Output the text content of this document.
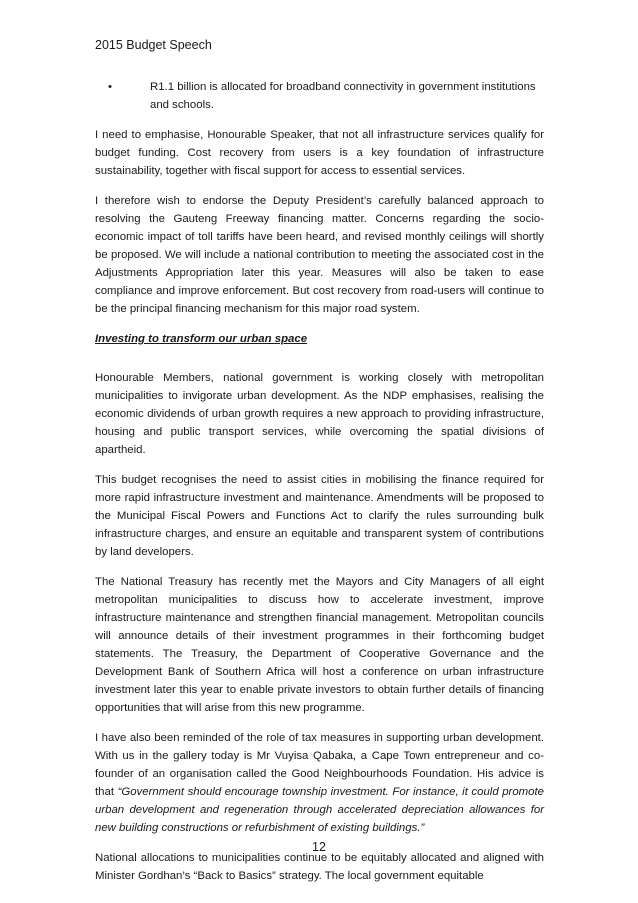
2015 Budget Speech
•	R1.1 billion is allocated for broadband connectivity in government institutions and schools.

I need to emphasise, Honourable Speaker, that not all infrastructure services qualify for budget funding. Cost recovery from users is a key foundation of infrastructure sustainability, together with fiscal support for access to essential services.

I therefore wish to endorse the Deputy President’s carefully balanced approach to resolving the Gauteng Freeway financing matter. Concerns regarding the socio-economic impact of toll tariffs have been heard, and revised monthly ceilings will shortly be proposed. We will include a national contribution to meeting the associated cost in the Adjustments Appropriation later this year. Measures will also be taken to ease compliance and improve enforcement. But cost recovery from road-users will continue to be the principal financing mechanism for this major road system.

Investing to transform our urban space

Honourable Members, national government is working closely with metropolitan municipalities to invigorate urban development. As the NDP emphasises, realising the economic dividends of urban growth requires a new approach to providing infrastructure, housing and public transport services, while overcoming the spatial divisions of apartheid.

This budget recognises the need to assist cities in mobilising the finance required for more rapid infrastructure investment and maintenance. Amendments will be proposed to the Municipal Fiscal Powers and Functions Act to clarify the rules surrounding bulk infrastructure charges, and ensure an equitable and transparent system of contributions by land developers.

The National Treasury has recently met the Mayors and City Managers of all eight metropolitan municipalities to discuss how to accelerate investment, improve infrastructure maintenance and strengthen financial management. Metropolitan councils will announce details of their investment programmes in their forthcoming budget statements. The Treasury, the Department of Cooperative Governance and the Development Bank of Southern Africa will host a conference on urban infrastructure investment later this year to enable private investors to obtain further details of financing opportunities that will arise from this new programme.

I have also been reminded of the role of tax measures in supporting urban development. With us in the gallery today is Mr Vuyisa Qabaka, a Cape Town entrepreneur and co-founder of an organisation called the Good Neighbourhoods Foundation. His advice is that “Government should encourage township investment. For instance, it could promote urban development and regeneration through accelerated depreciation allowances for new building constructions or refurbishment of existing buildings.”

National allocations to municipalities continue to be equitably allocated and aligned with Minister Gordhan’s “Back to Basics” strategy. The local government equitable

12
